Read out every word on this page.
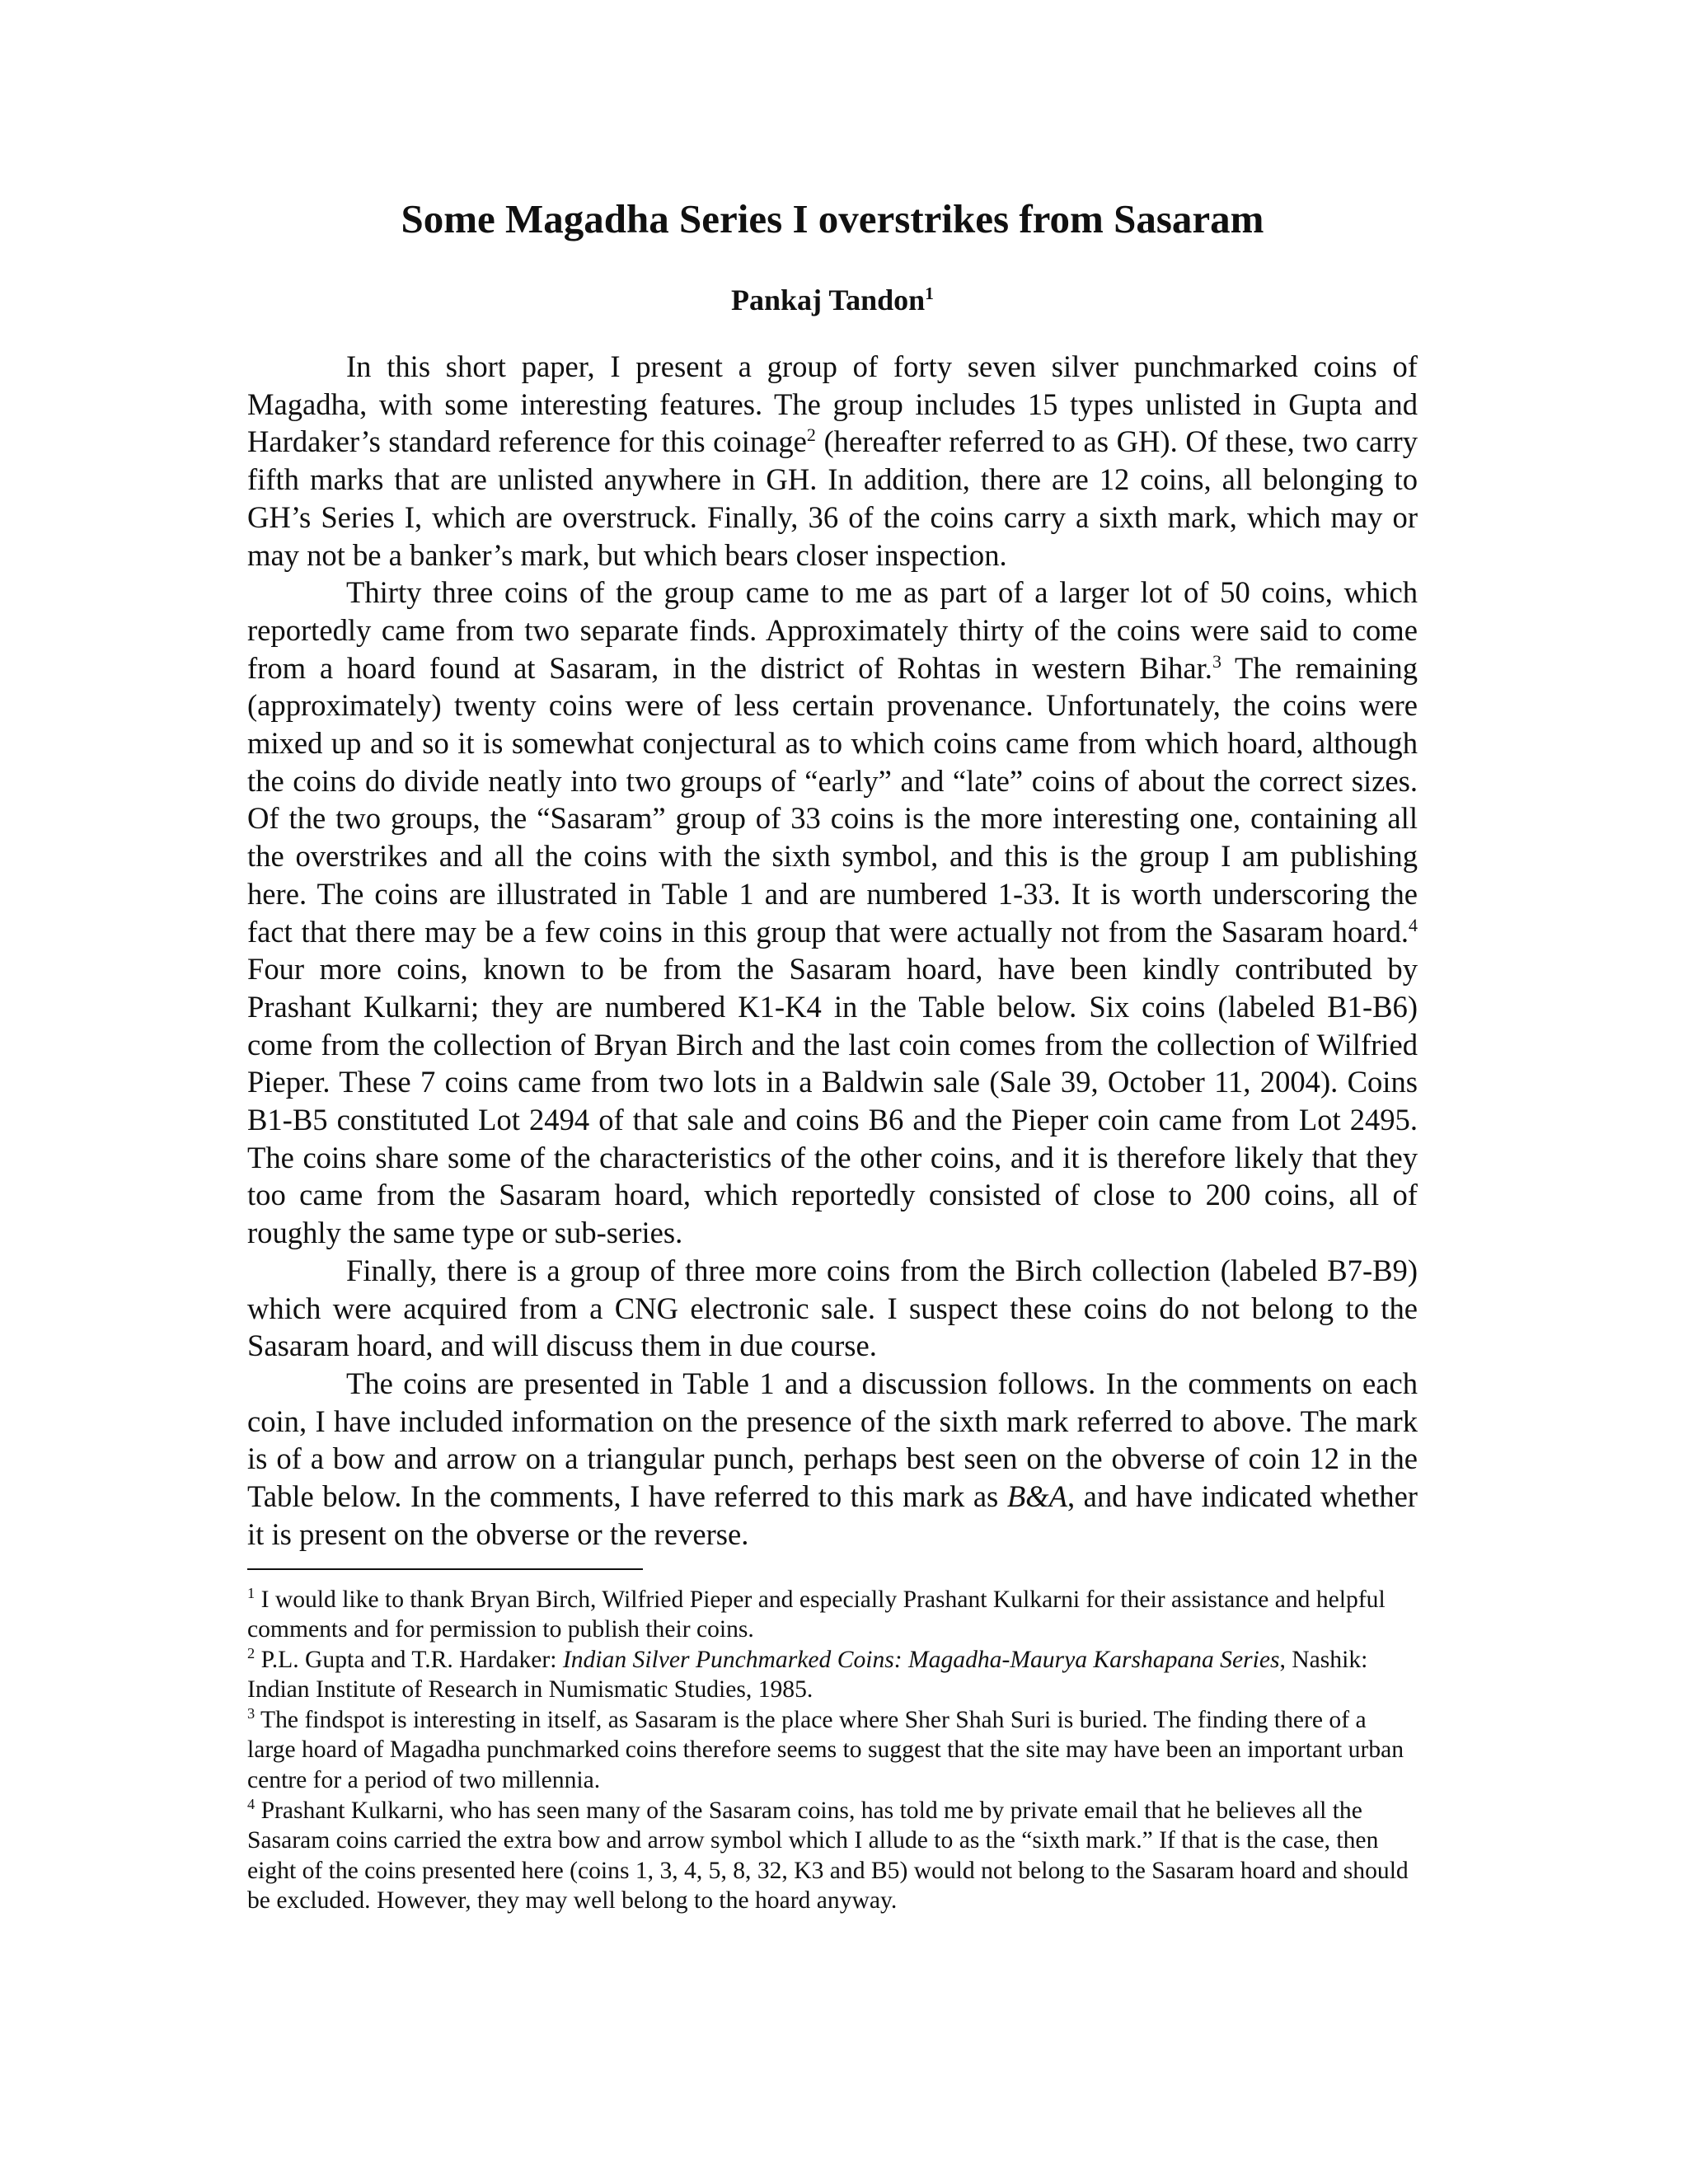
Some Magadha Series I overstrikes from Sasaram
Pankaj Tandon$^1$

In this short paper, I present a group of forty seven silver punchmarked coins of Magadha, with some interesting features. The group includes 15 types unlisted in Gupta and Hardaker’s standard reference for this coinage$^2$ (hereafter referred to as GH). Of these, two carry fifth marks that are unlisted anywhere in GH. In addition, there are 12 coins, all belonging to GH’s Series I, which are overstruck. Finally, 36 of the coins carry a sixth mark, which may or may not be a banker’s mark, but which bears closer inspection.

Thirty three coins of the group came to me as part of a larger lot of 50 coins, which reportedly came from two separate finds. Approximately thirty of the coins were said to come from a hoard found at Sasaram, in the district of Rohtas in western Bihar.$^3$ The remaining (approximately) twenty coins were of less certain provenance. Unfortunately, the coins were mixed up and so it is somewhat conjectural as to which coins came from which hoard, although the coins do divide neatly into two groups of “early” and “late” coins of about the correct sizes. Of the two groups, the “Sasaram” group of 33 coins is the more interesting one, containing all the overstrikes and all the coins with the sixth symbol, and this is the group I am publishing here. The coins are illustrated in Table 1 and are numbered 1-33. It is worth underscoring the fact that there may be a few coins in this group that were actually not from the Sasaram hoard.$^4$ Four more coins, known to be from the Sasaram hoard, have been kindly contributed by Prashant Kulkarni; they are numbered K1-K4 in the Table below. Six coins (labeled B1-B6) come from the collection of Bryan Birch and the last coin comes from the collection of Wilfried Pieper. These 7 coins came from two lots in a Baldwin sale (Sale 39, October 11, 2004). Coins B1-B5 constituted Lot 2494 of that sale and coins B6 and the Pieper coin came from Lot 2495. The coins share some of the characteristics of the other coins, and it is therefore likely that they too came from the Sasaram hoard, which reportedly consisted of close to 200 coins, all of roughly the same type or sub-series.

Finally, there is a group of three more coins from the Birch collection (labeled B7-B9) which were acquired from a CNG electronic sale. I suspect these coins do not belong to the Sasaram hoard, and will discuss them in due course.

The coins are presented in Table 1 and a discussion follows. In the comments on each coin, I have included information on the presence of the sixth mark referred to above. The mark is of a bow and arrow on a triangular punch, perhaps best seen on the obverse of coin 12 in the Table below. In the comments, I have referred to this mark as B&A, and have indicated whether it is present on the obverse or the reverse.

$^1$ I would like to thank Bryan Birch, Wilfried Pieper and especially Prashant Kulkarni for their assistance and helpful comments and for permission to publish their coins.

$^2$ P.L. Gupta and T.R. Hardaker: Indian Silver Punchmarked Coins: Magadha-Maurya Karshapana Series, Nashik: Indian Institute of Research in Numismatic Studies, 1985.

$^3$ The findspot is interesting in itself, as Sasaram is the place where Sher Shah Suri is buried. The finding there of a large hoard of Magadha punchmarked coins therefore seems to suggest that the site may have been an important urban centre for a period of two millennia.

$^4$ Prashant Kulkarni, who has seen many of the Sasaram coins, has told me by private email that he believes all the Sasaram coins carried the extra bow and arrow symbol which I allude to as the “sixth mark.” If that is the case, then eight of the coins presented here (coins 1, 3, 4, 5, 8, 32, K3 and B5) would not belong to the Sasaram hoard and should be excluded. However, they may well belong to the hoard anyway.
